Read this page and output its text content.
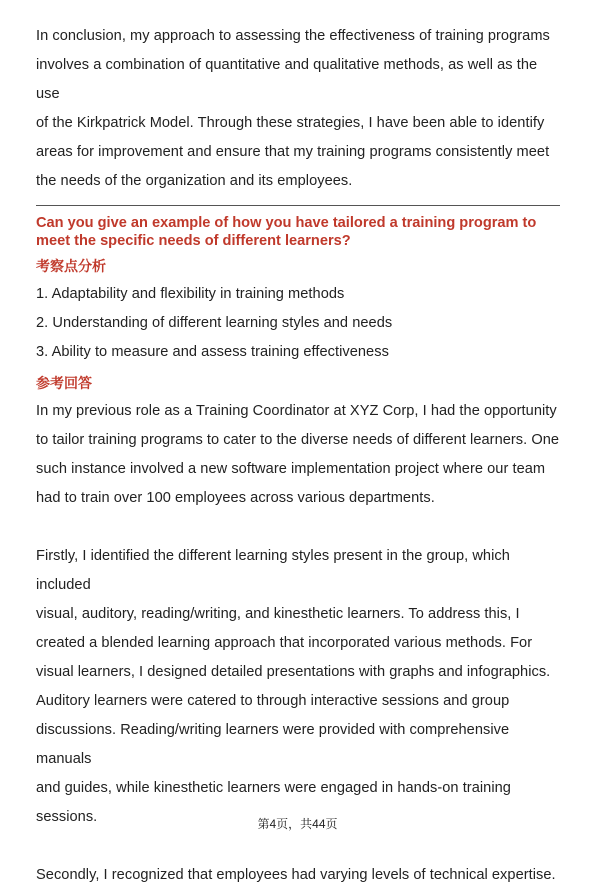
In conclusion, my approach to assessing the effectiveness of training programs

involves a combination of quantitative and qualitative methods, as well as the use

of the Kirkpatrick Model. Through these strategies, I have been able to identify

areas for improvement and ensure that my training programs consistently meet

the needs of the organization and its employees.

Can you give an example of how you have tailored a training program to
meet the specific needs of different learners?
考察点分析

1. Adaptability and flexibility in training methods

2. Understanding of different learning styles and needs

3. Ability to measure and assess training effectiveness

参考回答

In my previous role as a Training Coordinator at XYZ Corp, I had the opportunity

to tailor training programs to cater to the diverse needs of different learners. One

such instance involved a new software implementation project where our team

had to train over 100 employees across various departments.

Firstly, I identified the different learning styles present in the group, which included

visual, auditory, reading/writing, and kinesthetic learners. To address this, I

created a blended learning approach that incorporated various methods. For

visual learners, I designed detailed presentations with graphs and infographics.

Auditory learners were catered to through interactive sessions and group

discussions. Reading/writing learners were provided with comprehensive manuals

and guides, while kinesthetic learners were engaged in hands-on training

sessions.

Secondly, I recognized that employees had varying levels of technical expertise.

第4页，共44页
